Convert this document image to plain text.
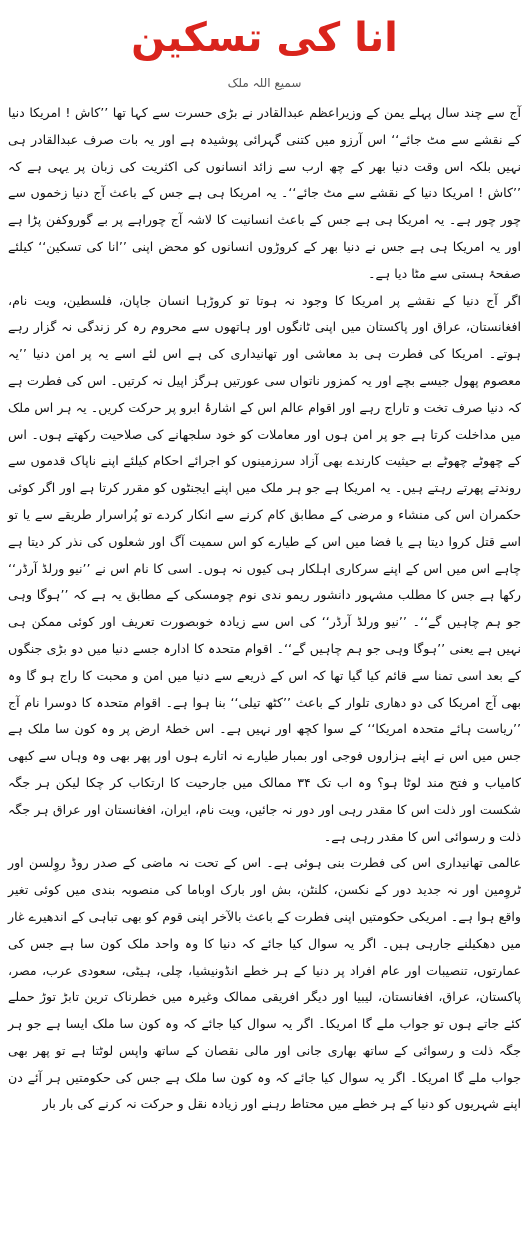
انا کی تسکین
سمیع اللہ ملک

آج سے چند سال پہلے یمن کے وزیراعظم عبدالقادر نے بڑی حسرت سے کہا تھا ’’کاش ! امریکا دنیا کے نقشے سے مٹ جائے‘‘ اس آرزو میں کتنی گہرائی پوشیدہ ہے اور یہ بات صرف عبدالقادر ہی نہیں بلکہ اس وقت دنیا بھر کے چھ ارب سے زائد انسانوں کی اکثریت کی زبان پر یہی ہے کہ ’’کاش ! امریکا دنیا کے نقشے سے مٹ جائے‘‘۔ یہ امریکا ہی ہے جس کے باعث آج دنیا زخموں سے چور چور ہے۔ یہ امریکا ہی ہے جس کے باعث انسانیت کا لاشہ آج چوراہے پر بے گوروکفن پڑا ہے اور یہ امریکا ہی ہے جس نے دنیا بھر کے کروڑوں انسانوں کو محض اپنی ’’انا کی تسکین‘‘ کیلئے صفحۂ ہستی سے مٹا دیا ہے۔

اگر آج دنیا کے نقشے پر امریکا کا وجود نہ ہوتا تو کروڑہا انسان جاپان، فلسطین، ویت نام، افغانستان، عراق اور پاکستان میں اپنی ٹانگوں اور ہاتھوں سے محروم رہ کر زندگی نہ گزار رہے ہوتے۔ امریکا کی فطرت ہی بد معاشی اور تھانیداری کی ہے اس لئے اسے یہ پر امن دنیا ’’یہ معصوم پھول جیسے بچے اور یہ کمزور ناتواں سی عورتیں ہرگز اپیل نہ کرتیں۔ اس کی فطرت ہے کہ دنیا صرف تخت و تاراج رہے اور اقوام عالم اس کے اشارۂ ابرو پر حرکت کریں۔ یہ ہر اس ملک میں مداخلت کرتا ہے جو پر امن ہوں اور معاملات کو خود سلجھانے کی صلاحیت رکھتے ہوں۔ اس کے چھوٹے چھوٹے بے حیثیت کارندے بھی آزاد سرزمینوں کو اجرائے احکام کیلئے اپنے ناپاک قدموں سے روندتے پھرتے رہتے ہیں۔ یہ امریکا ہے جو ہر ملک میں اپنے ایجنٹوں کو مقرر کرتا ہے اور اگر کوئی حکمران اس کی منشاء و مرضی کے مطابق کام کرنے سے انکار کردے تو پُراسرار طریقے سے یا تو اسے قتل کروا دیتا ہے یا فضا میں اس کے طیارے کو اس سمیت آگ اور شعلوں کی نذر کر دیتا ہے چاہے اس میں اس کے اپنے سرکاری اہلکار ہی کیوں نہ ہوں۔ اسی کا نام اس نے ’’نیو ورلڈ آرڈر‘‘ رکھا ہے جس کا مطلب مشہور دانشور ریمو ندی نوم چومسکی کے مطابق یہ ہے کہ ’’ہوگا وہی جو ہم چاہیں گے‘‘۔ ’’نیو ورلڈ آرڈر‘‘ کی اس سے زیادہ خوبصورت تعریف اور کوئی ممکن ہی نہیں ہے یعنی ’’ہوگا وہی جو ہم چاہیں گے‘‘۔ اقوام متحدہ کا ادارہ جسے دنیا میں دو بڑی جنگوں کے بعد اسی تمنا سے قائم کیا گیا تھا کہ اس کے ذریعے سے دنیا میں امن و محبت کا راج ہو گا وہ بھی آج امریکا کی دو دھاری تلوار کے باعث ’’کٹھ تیلی‘‘ بنا ہوا ہے۔ اقوام متحدہ کا دوسرا نام آج ’’ریاست ہائے متحدہ امریکا‘‘ کے سوا کچھ اور نہیں ہے۔ اس خطۂ ارض پر وہ کون سا ملک ہے جس میں اس نے اپنے ہزاروں فوجی اور بمبار طیارے نہ اتارے ہوں اور پھر بھی وہ وہاں سے کبھی کامیاب و فتح مند لوٹا ہو؟ وہ اب تک ۳۴ ممالک میں جارحیت کا ارتکاب کر چکا لیکن ہر جگہ شکست اور ذلت اس کا مقدر رہی اور دور نہ جائیں، ویت نام، ایران، افغانستان اور عراق ہر جگہ ذلت و رسوائی اس کا مقدر رہی ہے۔

عالمی تھانیداری اس کی فطرت بنی ہوئی ہے۔ اس کے تحت نہ ماضی کے صدر روڈ روِلسن اور ٹروِمین اور نہ جدید دور کے نکسن، کلنٹن، بش اور بارک اوباما کی منصوبہ بندی میں کوئی تغیر واقع ہوا ہے۔ امریکی حکومتیں اپنی فطرت کے باعث بالآخر اپنی قوم کو بھی تباہی کے اندھیرے غار میں دھکیلنے جارہی ہیں۔ اگر یہ سوال کیا جائے کہ دنیا کا وہ واحد ملک کون سا ہے جس کی عمارتوں، تنصیبات اور عام افراد پر دنیا کے ہر خطے انڈونیشیا، چلی، ہیٹی، سعودی عرب، مصر، پاکستان، عراق، افغانستان، لیبیا اور دیگر افریقی ممالک وغیرہ میں خطرناک ترین تابڑ توڑ حملے کئے جاتے ہوں تو جواب ملے گا امریکا۔ اگر یہ سوال کیا جائے کہ وہ کون سا ملک ایسا ہے جو ہر جگہ ذلت و رسوائی کے ساتھ بھاری جانی اور مالی نقصان کے ساتھ واپس لوٹتا ہے تو پھر بھی جواب ملے گا امریکا۔ اگر یہ سوال کیا جائے کہ وہ کون سا ملک ہے جس کی حکومتیں ہر آئے دن اپنے شہریوں کو دنیا کے ہر خطے میں محتاط رہنے اور زیادہ نقل و حرکت نہ کرنے کی بار بار
